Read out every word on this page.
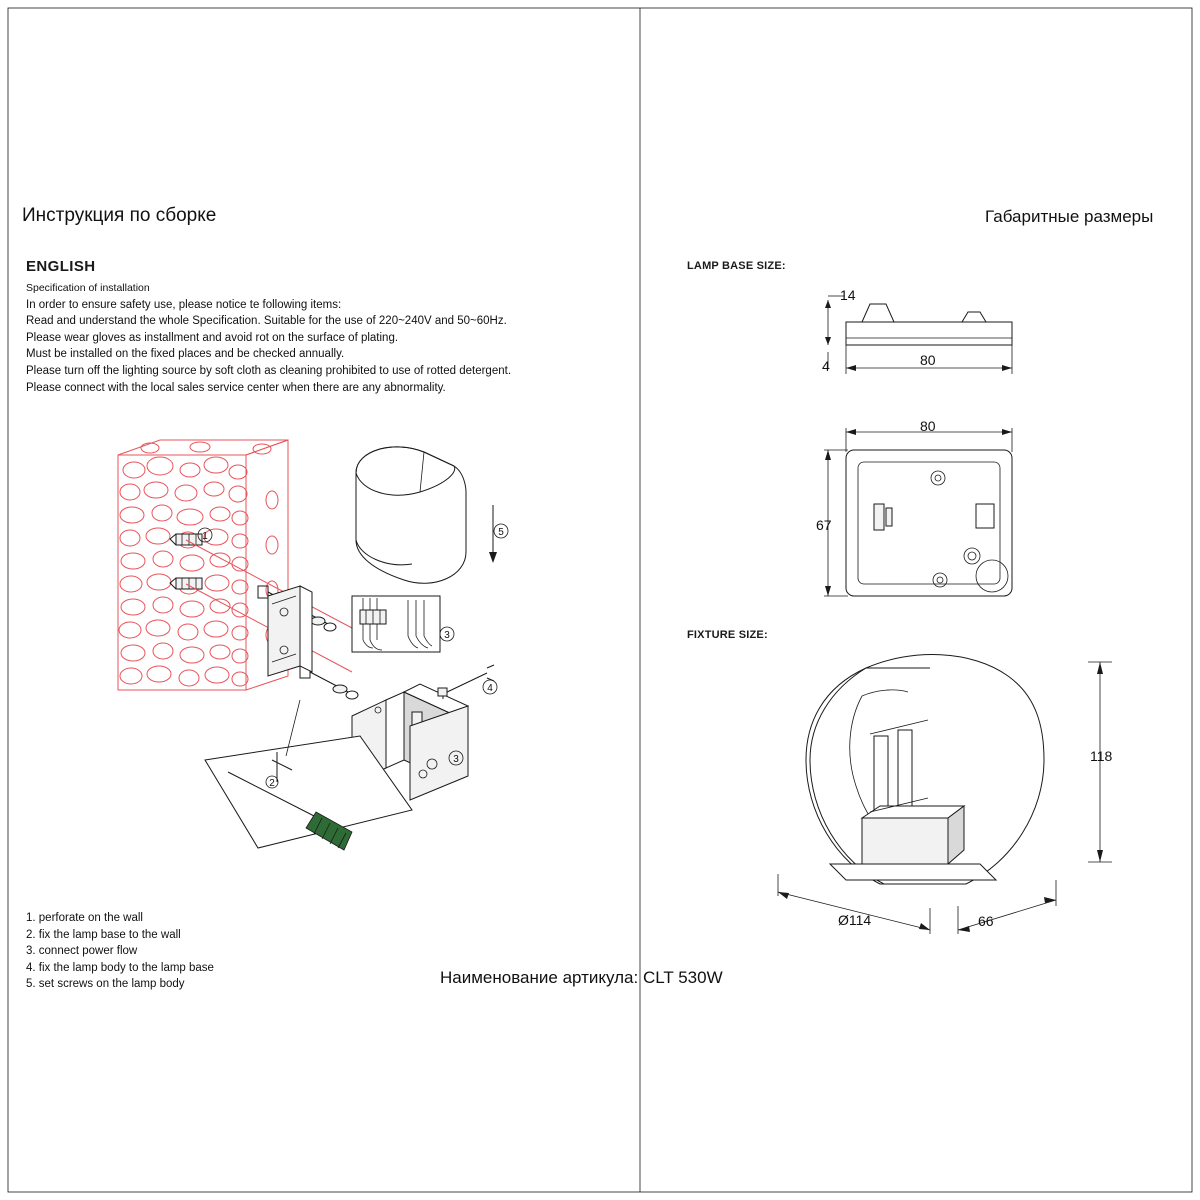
Инструкция по сборке	Габаритные размеры
ENGLISH
Specification of installation
In order to ensure safety use, please notice te following items:
Read and understand the whole Specification. Suitable for the use of 220~240V and 50~60Hz.
Please wear gloves as installment and avoid rot on the surface of plating.
Must be installed on the fixed places and be checked annually.
Please turn off the lighting source by soft cloth as cleaning prohibited to use of rotted detergent.
Please connect with the local sales service center when there are any abnormality.
1. perforate on the wall
2. fix the lamp base to the wall
3. connect power flow
4. fix the lamp body to the lamp base
5. set screws on the lamp body	Наименование артикула: CLT 530W
LAMP BASE SIZE:
FIXTURE SIZE:
1
3
5
3
4
2
14
4	80
80
67
118
Ø114	66
